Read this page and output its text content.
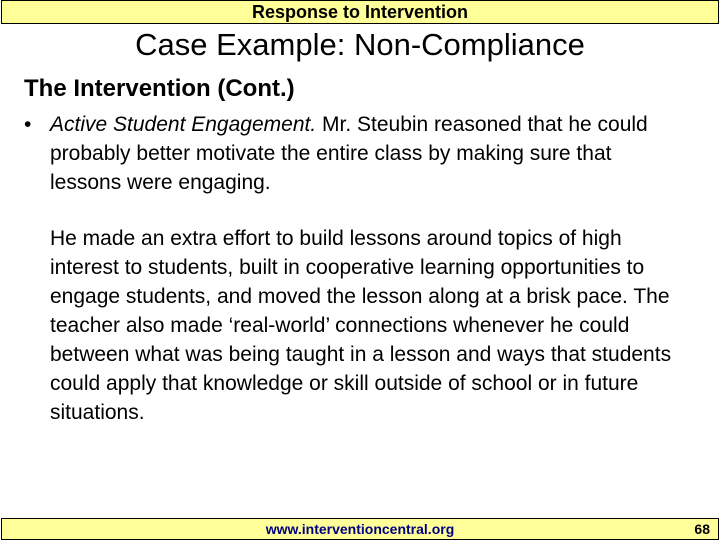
Response to Intervention
Case Example: Non-Compliance
The Intervention (Cont.)
• Active Student Engagement. Mr. Steubin reasoned that he could probably better motivate the entire class by making sure that lessons were engaging.
He made an extra effort to build lessons around topics of high interest to students, built in cooperative learning opportunities to engage students, and moved the lesson along at a brisk pace. The teacher also made ‘real-world’ connections whenever he could between what was being taught in a lesson and ways that students could apply that knowledge or skill outside of school or in future situations.
www.interventioncentral.org	68
